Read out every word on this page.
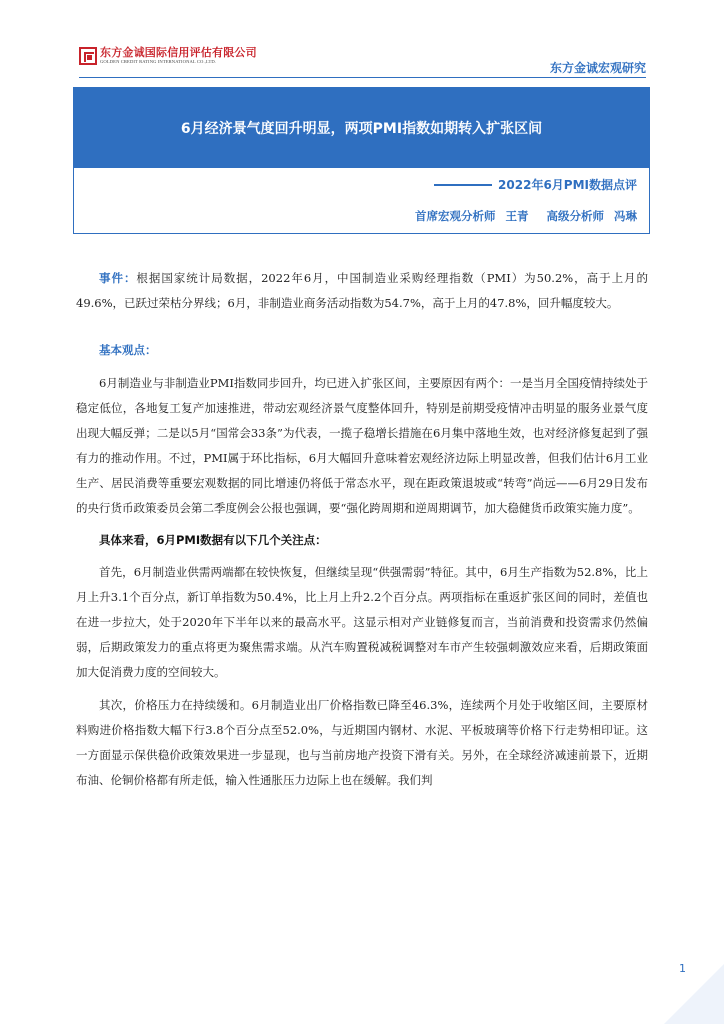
东方金诚国际信用评估有限公司
GOLDEN CREDIT RATING INTERNATIONAL CO.,LTD.	东方金诚宏观研究
6月经济景气度回升明显，两项PMI指数如期转入扩张区间
2022年6月PMI数据点评
首席宏观分析师 王青 高级分析师 冯琳

事件：根据国家统计局数据，2022年6月，中国制造业采购经理指数（PMI）为50.2%，高于上月的49.6%，已跃过荣枯分界线；6月，非制造业商务活动指数为54.7%，高于上月的47.8%，回升幅度较大。

基本观点：

6月制造业与非制造业PMI指数同步回升，均已进入扩张区间，主要原因有两个：一是当月全国疫情持续处于稳定低位，各地复工复产加速推进，带动宏观经济景气度整体回升，特别是前期受疫情冲击明显的服务业景气度出现大幅反弹；二是以5月“国常会33条”为代表，一揽子稳增长措施在6月集中落地生效，也对经济修复起到了强有力的推动作用。不过，PMI属于环比指标，6月大幅回升意味着宏观经济边际上明显改善，但我们估计6月工业生产、居民消费等重要宏观数据的同比增速仍将低于常态水平，现在距政策退坡或“转弯”尚远——6月29日发布的央行货币政策委员会第二季度例会公报也强调，要“强化跨周期和逆周期调节，加大稳健货币政策实施力度”。

具体来看，6月PMI数据有以下几个关注点：

首先，6月制造业供需两端都在较快恢复，但继续呈现“供强需弱”特征。其中，6月生产指数为52.8%，比上月上升3.1个百分点，新订单指数为50.4%，比上月上升2.2个百分点。两项指标在重返扩张区间的同时，差值也在进一步拉大，处于2020年下半年以来的最高水平。这显示相对产业链修复而言，当前消费和投资需求仍然偏弱，后期政策发力的重点将更为聚焦需求端。从汽车购置税减税调整对车市产生较强刺激效应来看，后期政策面加大促消费力度的空间较大。

其次，价格压力在持续缓和。6月制造业出厂价格指数已降至46.3%，连续两个月处于收缩区间，主要原材料购进价格指数大幅下行3.8个百分点至52.0%，与近期国内钢材、水泥、平板玻璃等价格下行走势相印证。这一方面显示保供稳价政策效果进一步显现，也与当前房地产投资下滑有关。另外，在全球经济减速前景下，近期布油、伦铜价格都有所走低，输入性通胀压力边际上也在缓解。我们判

1
